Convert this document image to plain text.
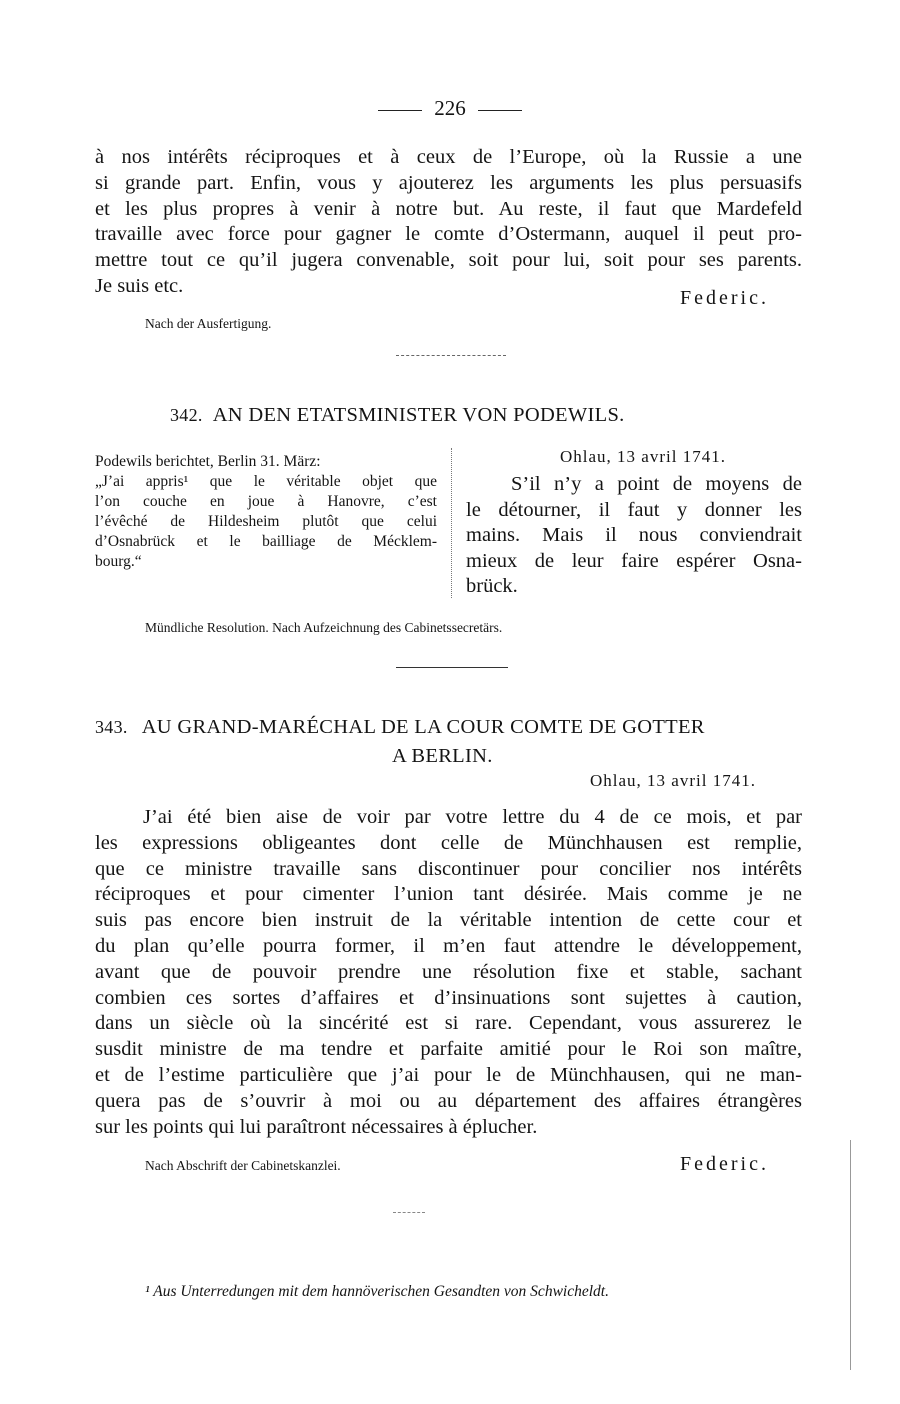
226
à nos intérêts réciproques et à ceux de l’Europe, où la Russie a une
si grande part. Enfin, vous y ajouterez les arguments les plus persuasifs
et les plus propres à venir à notre but. Au reste, il faut que Mardefeld
travaille avec force pour gagner le comte d’Ostermann, auquel il peut pro-
mettre tout ce qu’il jugera convenable, soit pour lui, soit pour ses parents.
Je suis etc.
Federic.
Nach der Ausfertigung.
342. AN DEN ETATSMINISTER VON PODEWILS.
Podewils berichtet, Berlin 31. März:
„J’ai appris¹ que le véritable objet que
l’on couche en joue à Hanovre, c’est
l’évêché de Hildesheim plutôt que celui
d’Osnabrück et le bailliage de Mécklem-
bourg.“
Ohlau, 13 avril 1741.
S’il n’y a point de moyens de
le détourner, il faut y donner les
mains. Mais il nous conviendrait
mieux de leur faire espérer Osna-
brück.
Mündliche Resolution. Nach Aufzeichnung des Cabinetssecretärs.
343. AU GRAND-MARÉCHAL DE LA COUR COMTE DE GOTTER
A BERLIN.
Ohlau, 13 avril 1741.
J’ai été bien aise de voir par votre lettre du 4 de ce mois, et par
les expressions obligeantes dont celle de Münchhausen est remplie,
que ce ministre travaille sans discontinuer pour concilier nos intérêts
réciproques et pour cimenter l’union tant désirée. Mais comme je ne
suis pas encore bien instruit de la véritable intention de cette cour et
du plan qu’elle pourra former, il m’en faut attendre le développement,
avant que de pouvoir prendre une résolution fixe et stable, sachant
combien ces sortes d’affaires et d’insinuations sont sujettes à caution,
dans un siècle où la sincérité est si rare. Cependant, vous assurerez le
susdit ministre de ma tendre et parfaite amitié pour le Roi son maître,
et de l’estime particulière que j’ai pour le de Münchhausen, qui ne man-
quera pas de s’ouvrir à moi ou au département des affaires étrangères
sur les points qui lui paraîtront nécessaires à éplucher.
Nach Abschrift der Cabinetskanzlei.	Federic.
¹ Aus Unterredungen mit dem hannöverischen Gesandten von Schwicheldt.
